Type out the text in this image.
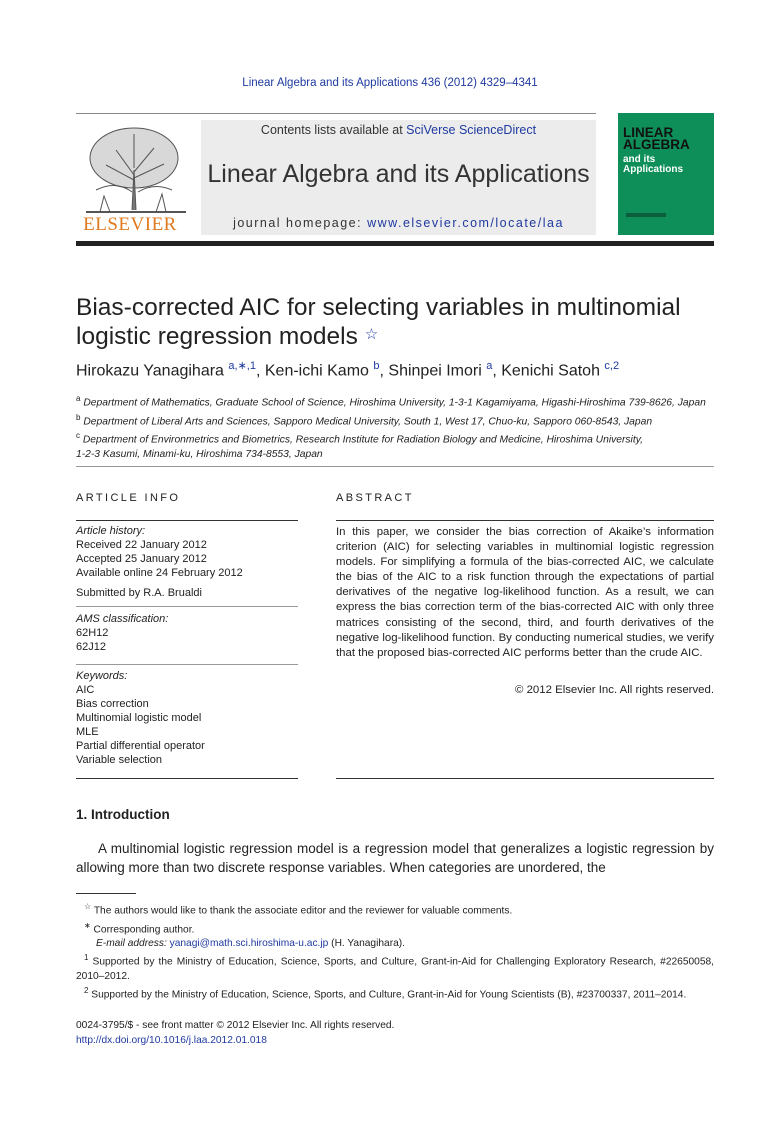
Linear Algebra and its Applications 436 (2012) 4329–4341
ELSEVIER
Contents lists available at SciVerse ScienceDirect
Linear Algebra and its Applications
journal homepage: www.elsevier.com/locate/laa
LINEAR
ALGEBRA
and its
Applications
Bias-corrected AIC for selecting variables in multinomial logistic regression models ☆
Hirokazu Yanagihara $^{a,∗,1}$, Ken-ichi Kamo $^b$, Shinpei Imori $^a$, Kenichi Satoh $^{c,2}$
$^a$ Department of Mathematics, Graduate School of Science, Hiroshima University, 1-3-1 Kagamiyama, Higashi-Hiroshima 739-8626, Japan
$^b$ Department of Liberal Arts and Sciences, Sapporo Medical University, South 1, West 17, Chuo-ku, Sapporo 060-8543, Japan
$^c$ Department of Environmetrics and Biometrics, Research Institute for Radiation Biology and Medicine, Hiroshima University,
1-2-3 Kasumi, Minami-ku, Hiroshima 734-8553, Japan
ARTICLE INFO
Article history:
Received 22 January 2012
Accepted 25 January 2012
Available online 24 February 2012
Submitted by R.A. Brualdi
AMS classification:
62H12
62J12
Keywords:
AIC
Bias correction
Multinomial logistic model
MLE
Partial differential operator
Variable selection
ABSTRACT
In this paper, we consider the bias correction of Akaike’s information criterion (AIC) for selecting variables in multinomial logistic regression models. For simplifying a formula of the bias-corrected AIC, we calculate the bias of the AIC to a risk function through the expectations of partial derivatives of the negative log-likelihood function. As a result, we can express the bias correction term of the bias-corrected AIC with only three matrices consisting of the second, third, and fourth derivatives of the negative log-likelihood function. By conducting numerical studies, we verify that the proposed bias-corrected AIC performs better than the crude AIC.
© 2012 Elsevier Inc. All rights reserved.
1. Introduction
A multinomial logistic regression model is a regression model that generalizes a logistic regression by allowing more than two discrete response variables. When categories are unordered, the
☆ The authors would like to thank the associate editor and the reviewer for valuable comments.
∗ Corresponding author.
E-mail address: yanagi@math.sci.hiroshima-u.ac.jp (H. Yanagihara).
$^1$ Supported by the Ministry of Education, Science, Sports, and Culture, Grant-in-Aid for Challenging Exploratory Research, #22650058, 2010–2012.
$^2$ Supported by the Ministry of Education, Science, Sports, and Culture, Grant-in-Aid for Young Scientists (B), #23700337, 2011–2014.
0024-3795/$ - see front matter © 2012 Elsevier Inc. All rights reserved.
http://dx.doi.org/10.1016/j.laa.2012.01.018
